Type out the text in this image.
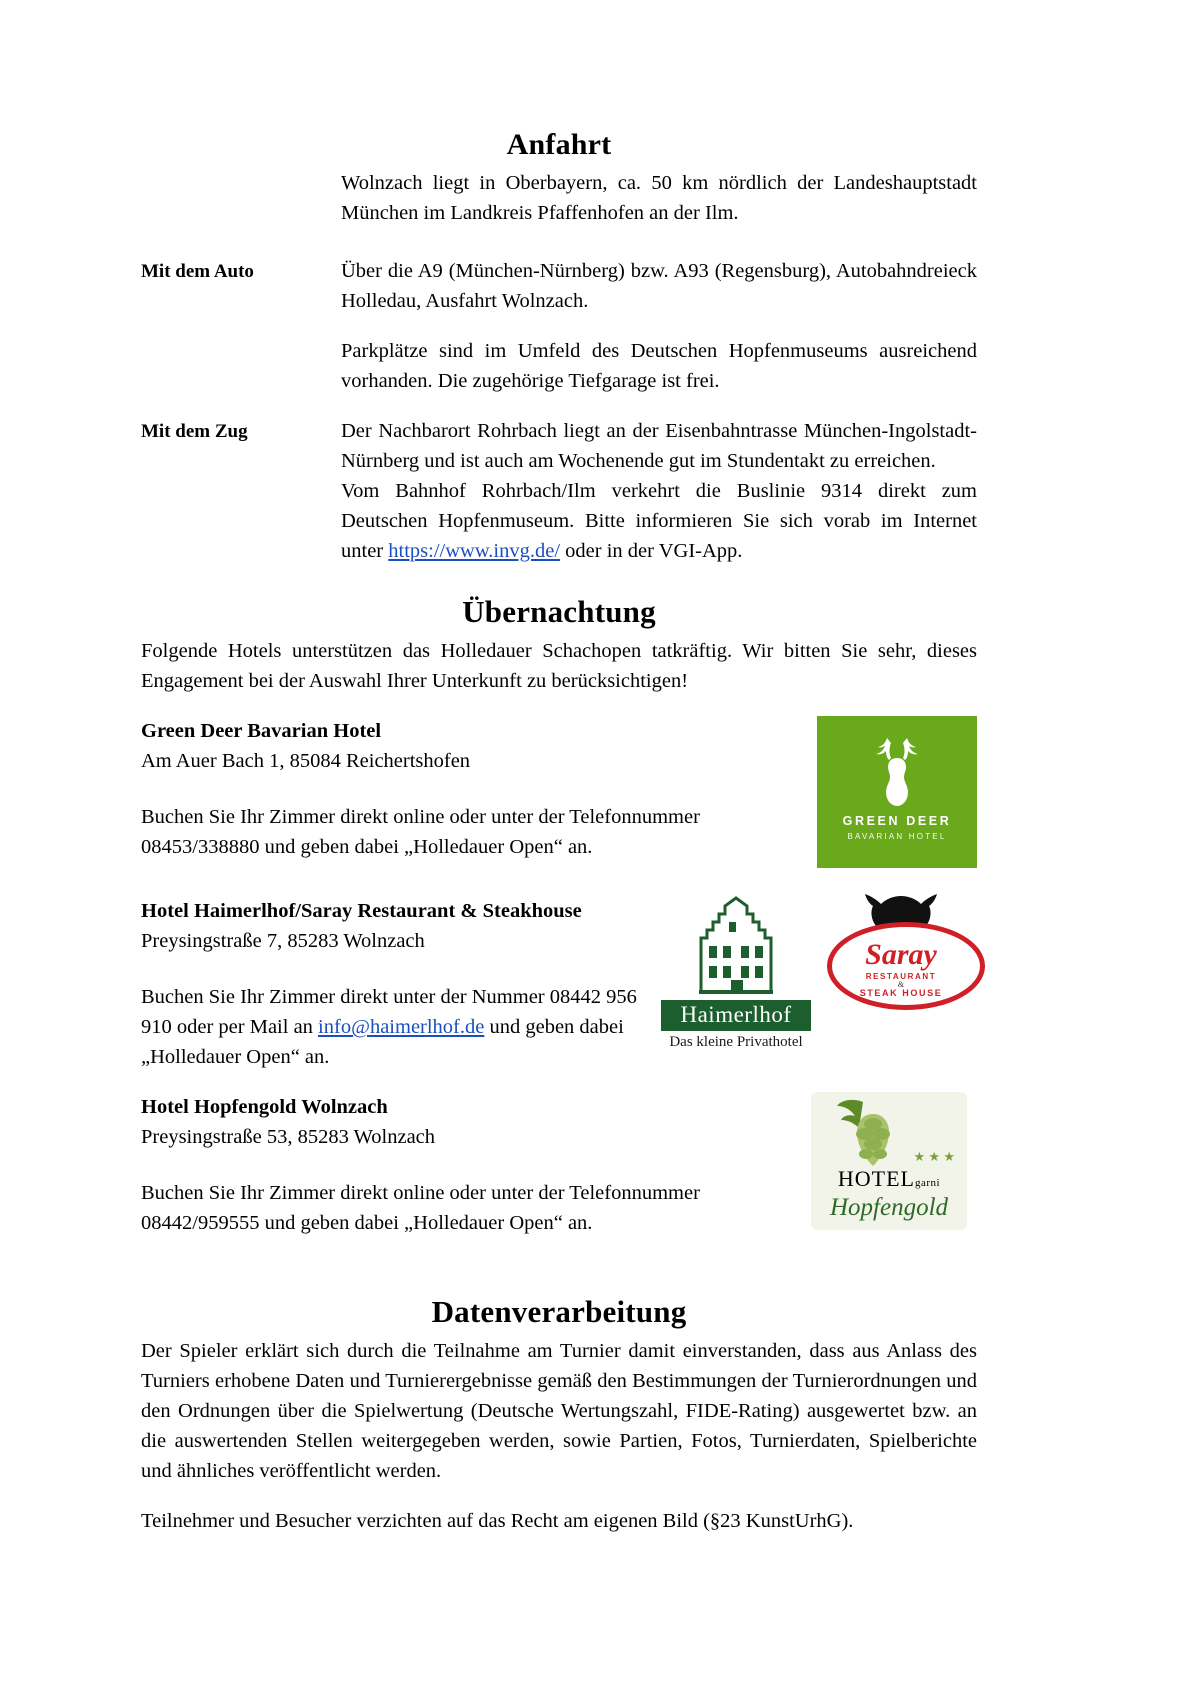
Anfahrt
Wolnzach liegt in Oberbayern, ca. 50 km nördlich der Landeshauptstadt München im Landkreis Pfaffenhofen an der Ilm.
Mit dem Auto	Über die A9 (München-Nürnberg) bzw. A93 (Regensburg), Autobahndreieck Holledau, Ausfahrt Wolnzach.
Parkplätze sind im Umfeld des Deutschen Hopfenmuseums ausreichend vorhanden. Die zugehörige Tiefgarage ist frei.
Mit dem Zug	Der Nachbarort Rohrbach liegt an der Eisenbahntrasse München-Ingolstadt-Nürnberg und ist auch am Wochenende gut im Stundentakt zu erreichen.
Vom Bahnhof Rohrbach/Ilm verkehrt die Buslinie 9314 direkt zum Deutschen Hopfenmuseum. Bitte informieren Sie sich vorab im Internet unter https://www.invg.de/ oder in der VGI-App.
Übernachtung

Folgende Hotels unterstützen das Holledauer Schachopen tatkräftig. Wir bitten Sie sehr, dieses Engagement bei der Auswahl Ihrer Unterkunft zu berücksichtigen!

Green Deer Bavarian Hotel
Am Auer Bach 1, 85084 Reichertshofen
Buchen Sie Ihr Zimmer direkt online oder unter der Telefonnummer 08453/338880 und geben dabei „Holledauer Open“ an.
GREEN DEER
BAVARIAN HOTEL
Hotel Haimerlhof/Saray Restaurant & Steakhouse
Preysingstraße 7, 85283 Wolnzach
Buchen Sie Ihr Zimmer direkt unter der Nummer 08442 956 910 oder per Mail an info@haimerlhof.de und geben dabei „Holledauer Open“ an.
Haimerlhof
Das kleine Privathotel
Saray
RESTAURANT
&
STEAK HOUSE
Hotel Hopfengold Wolnzach
Preysingstraße 53, 85283 Wolnzach
Buchen Sie Ihr Zimmer direkt online oder unter der Telefonnummer 08442/959555 und geben dabei „Holledauer Open“ an.
★ ★ ★
HOTELgarni
Hopfengold
Datenverarbeitung
Der Spieler erklärt sich durch die Teilnahme am Turnier damit einverstanden, dass aus Anlass des Turniers erhobene Daten und Turnierergebnisse gemäß den Bestimmungen der Turnierordnungen und den Ordnungen über die Spielwertung (Deutsche Wertungszahl, FIDE-Rating) ausgewertet bzw. an die auswertenden Stellen weitergegeben werden, sowie Partien, Fotos, Turnierdaten, Spielberichte und ähnliches veröffentlicht werden.
Teilnehmer und Besucher verzichten auf das Recht am eigenen Bild (§23 KunstUrhG).
